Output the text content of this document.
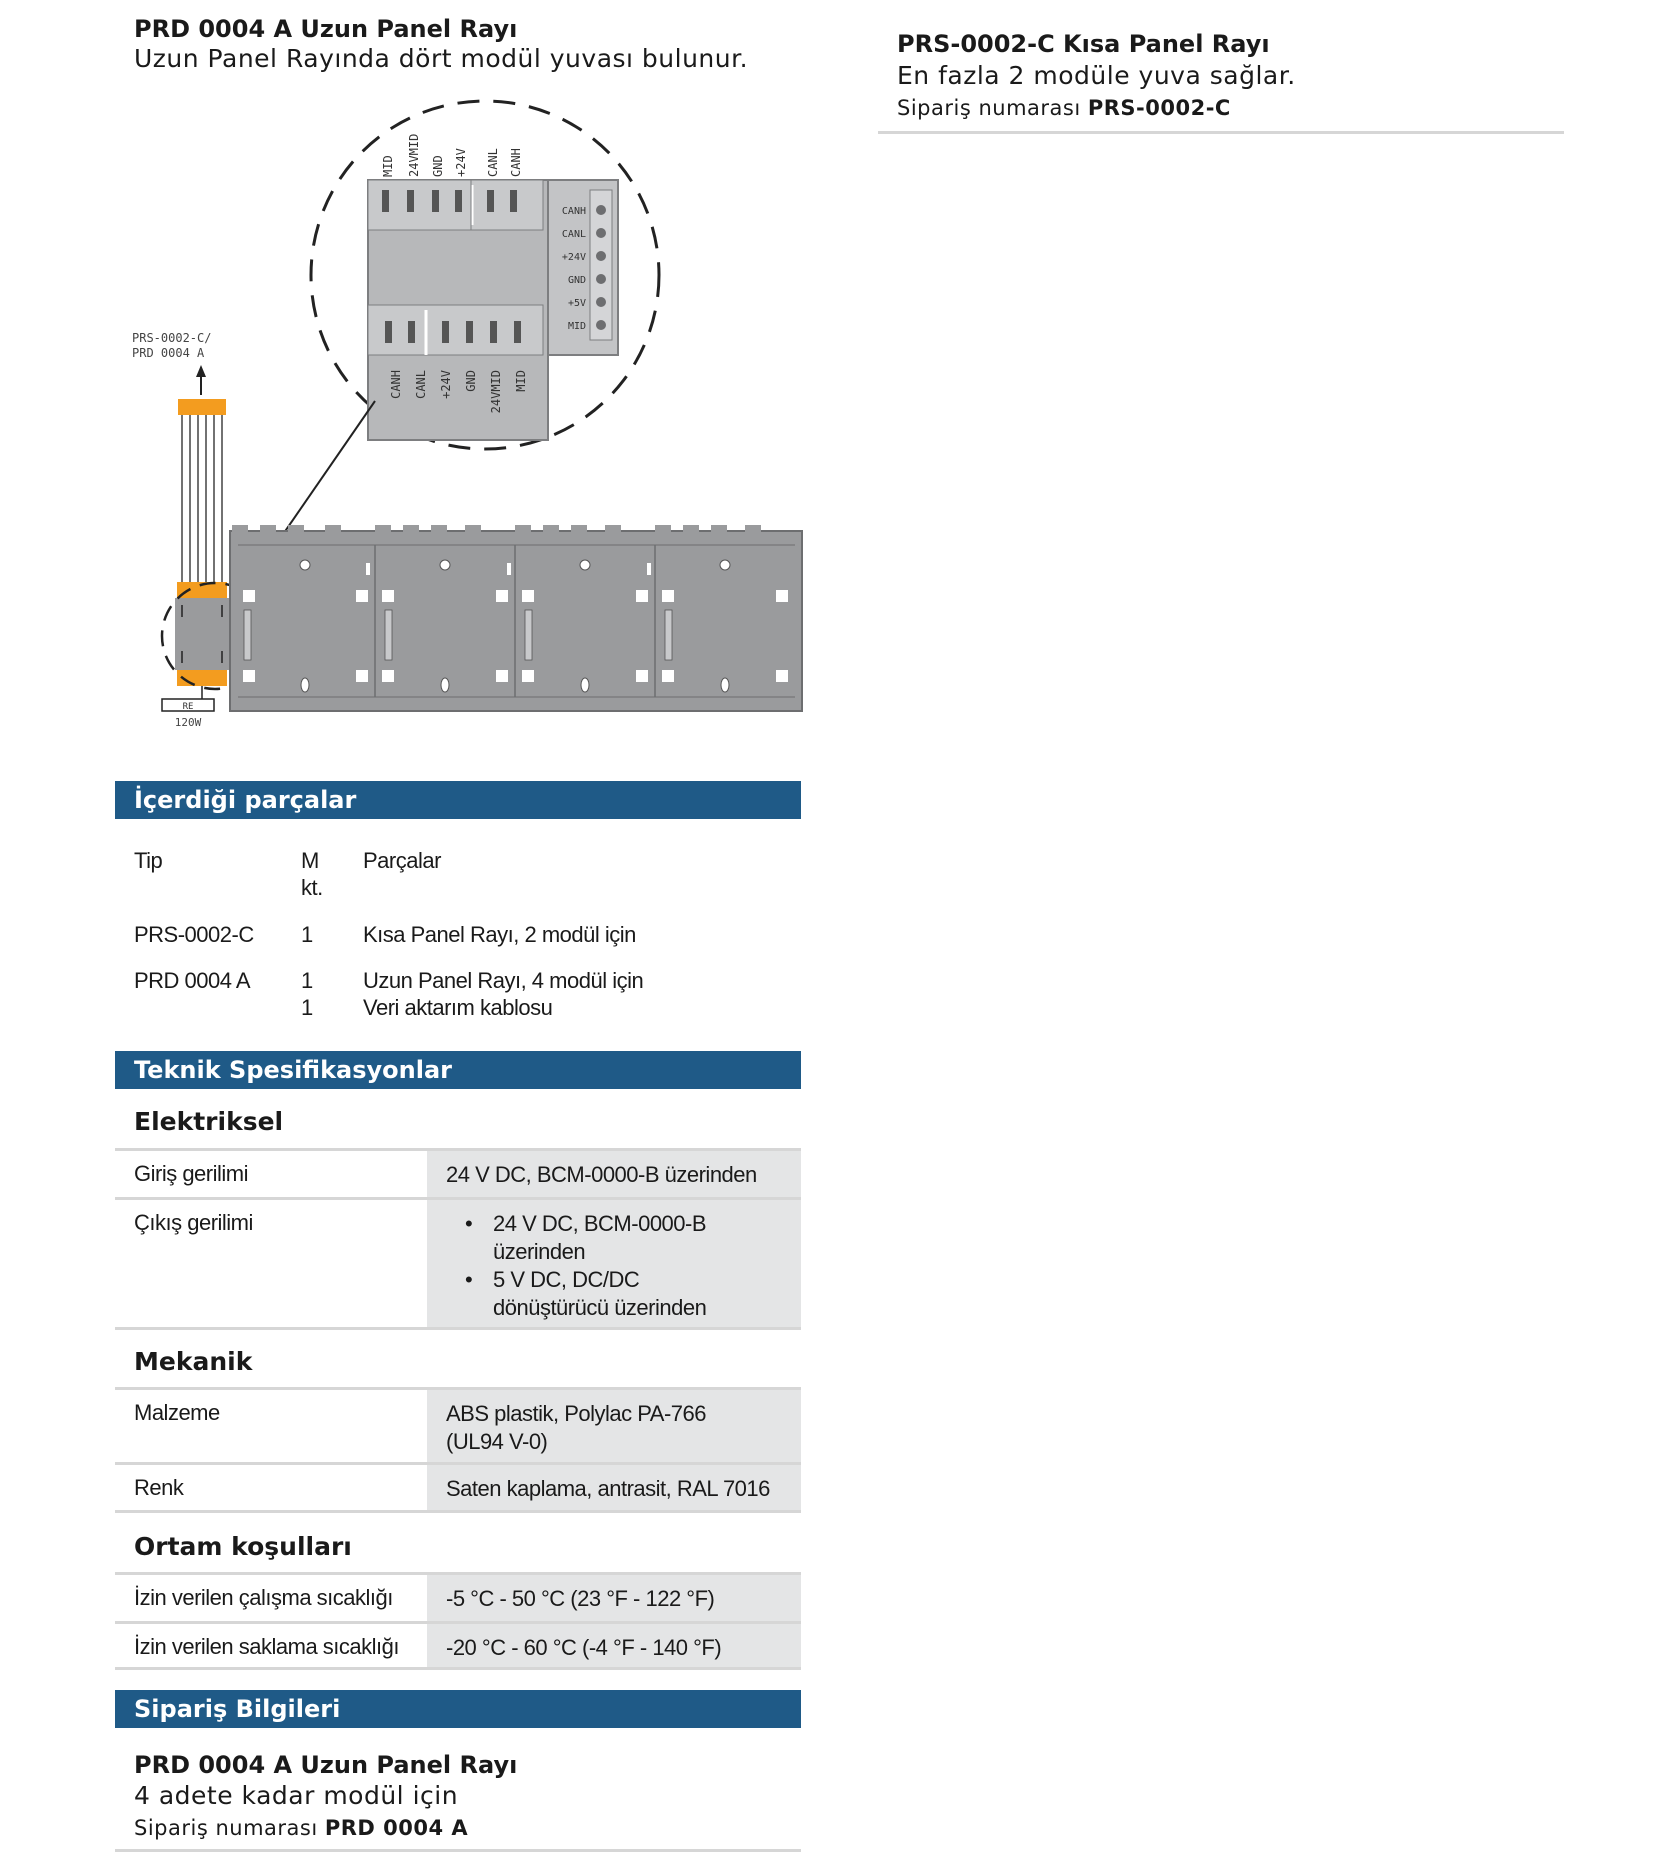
PRD 0004 A Uzun Panel Rayı
Uzun Panel Rayında dört modül yuvası bulunur.	PRS-0002-C Kısa Panel Rayı
En fazla 2 modüle yuva sağlar.
Sipariş numarası PRS-0002-C
MID 24VMID GND +24V CANL CANH
CANH
CANL
+24V
GND
+5V
MID
CANH CANL +24V GND 24VMID MID
PRS-0002-C/
PRD 0004 A
RE
120W
İçerdiği parçalar
Tip	M
kt.
Parçalar
PRS-0002-C 1 Kısa Panel Rayı, 2 modül için
PRD 0004 A 1 Uzun Panel Rayı, 4 modül için
1 Veri aktarım kablosu
Teknik Spesifikasyonlar
Elektriksel
Giriş gerilimi	24 V DC, BCM-0000-B üzerinden
Çıkış gerilimi
•	24 V DC, BCM-0000-B üzerinden
• 5 V DC, DC/DC dönüştürücü üzerinden
Mekanik
Malzeme	ABS plastik, Polylac PA-766 (UL94 V-0)
Renk	Saten kaplama, antrasit, RAL 7016
Ortam koşulları
İzin verilen çalışma sıcaklığı -5 °C - 50 °C (23 °F - 122 °F)
İzin verilen saklama sıcaklığı -20 °C - 60 °C (-4 °F - 140 °F)
Sipariş Bilgileri
PRD 0004 A Uzun Panel Rayı
4 adete kadar modül için
Sipariş numarası PRD 0004 A
